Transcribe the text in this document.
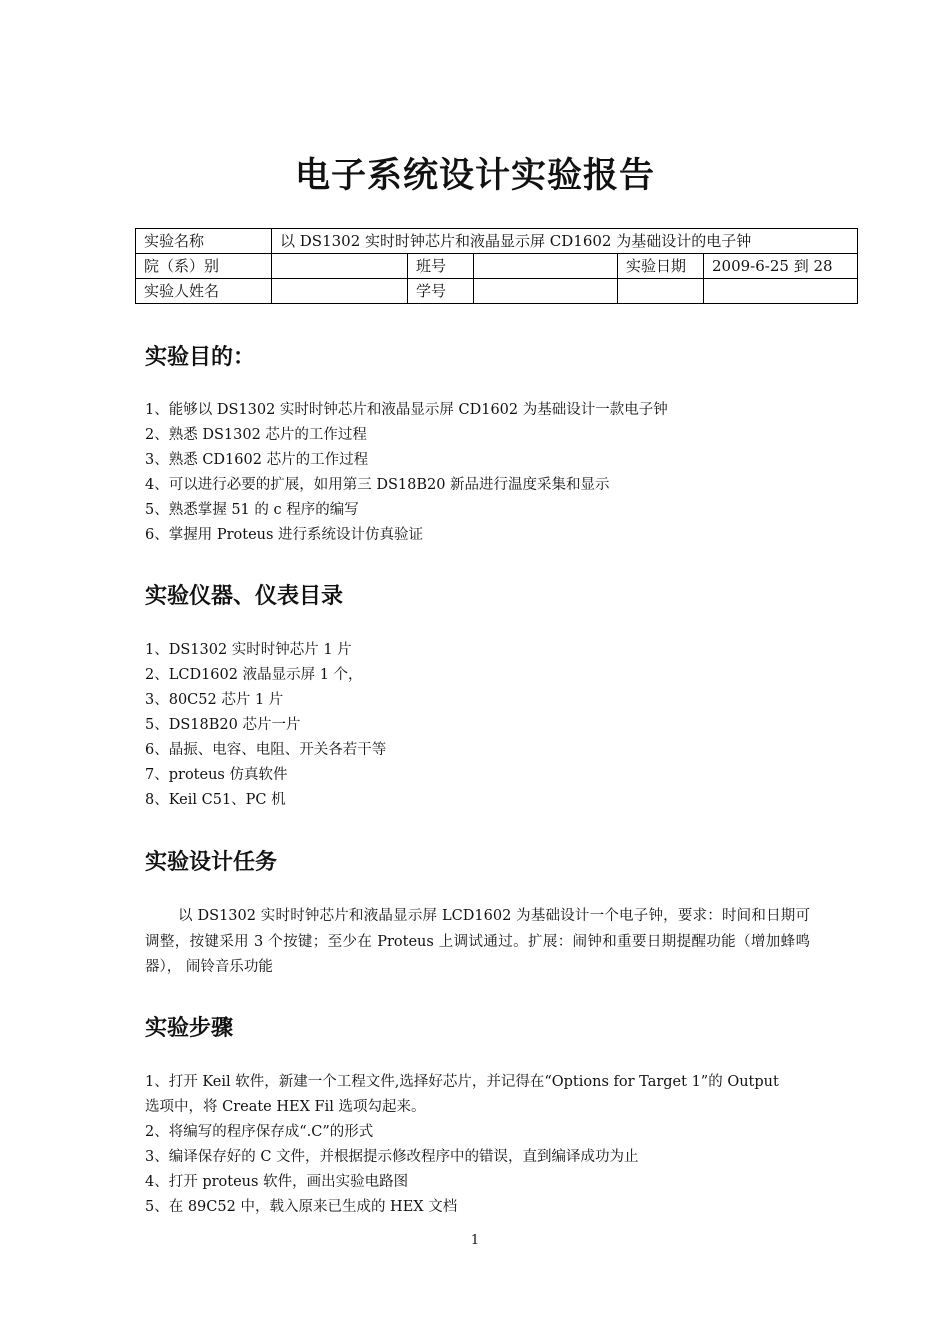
电子系统设计实验报告
实验名称	以 DS1302 实时时钟芯片和液晶显示屏 CD1602 为基础设计的电子钟				
院（系）别		班号		实验日期	2009-6-25 到 28
实验人姓名		学号			
实验目的：
1、能够以 DS1302 实时时钟芯片和液晶显示屏 CD1602 为基础设计一款电子钟
2、熟悉 DS1302 芯片的工作过程
3、熟悉 CD1602 芯片的工作过程
4、可以进行必要的扩展，如用第三 DS18B20 新品进行温度采集和显示
5、熟悉掌握 51 的 c 程序的编写
6、掌握用 Proteus 进行系统设计仿真验证
实验仪器、仪表目录
1、DS1302 实时时钟芯片 1 片
2、LCD1602 液晶显示屏 1 个，
3、80C52 芯片 1 片
5、DS18B20 芯片一片
6、晶振、电容、电阻、开关各若干等
7、proteus 仿真软件
8、Keil C51、PC 机
实验设计任务
以 DS1302 实时时钟芯片和液晶显示屏 LCD1602 为基础设计一个电子钟，要求：时间和日期可调整，按键采用 3 个按键；至少在 Proteus 上调试通过。扩展：闹钟和重要日期提醒功能（增加蜂鸣器）， 闹铃音乐功能
实验步骤
1、打开 Keil 软件，新建一个工程文件,选择好芯片，并记得在“Options for Target 1”的 Output
选项中，将 Create HEX Fil 选项勾起来。
2、将编写的程序保存成“.C”的形式
3、编译保存好的 C 文件，并根据提示修改程序中的错误，直到编译成功为止
4、打开 proteus 软件，画出实验电路图
5、在 89C52 中，载入原来已生成的 HEX 文档
1
